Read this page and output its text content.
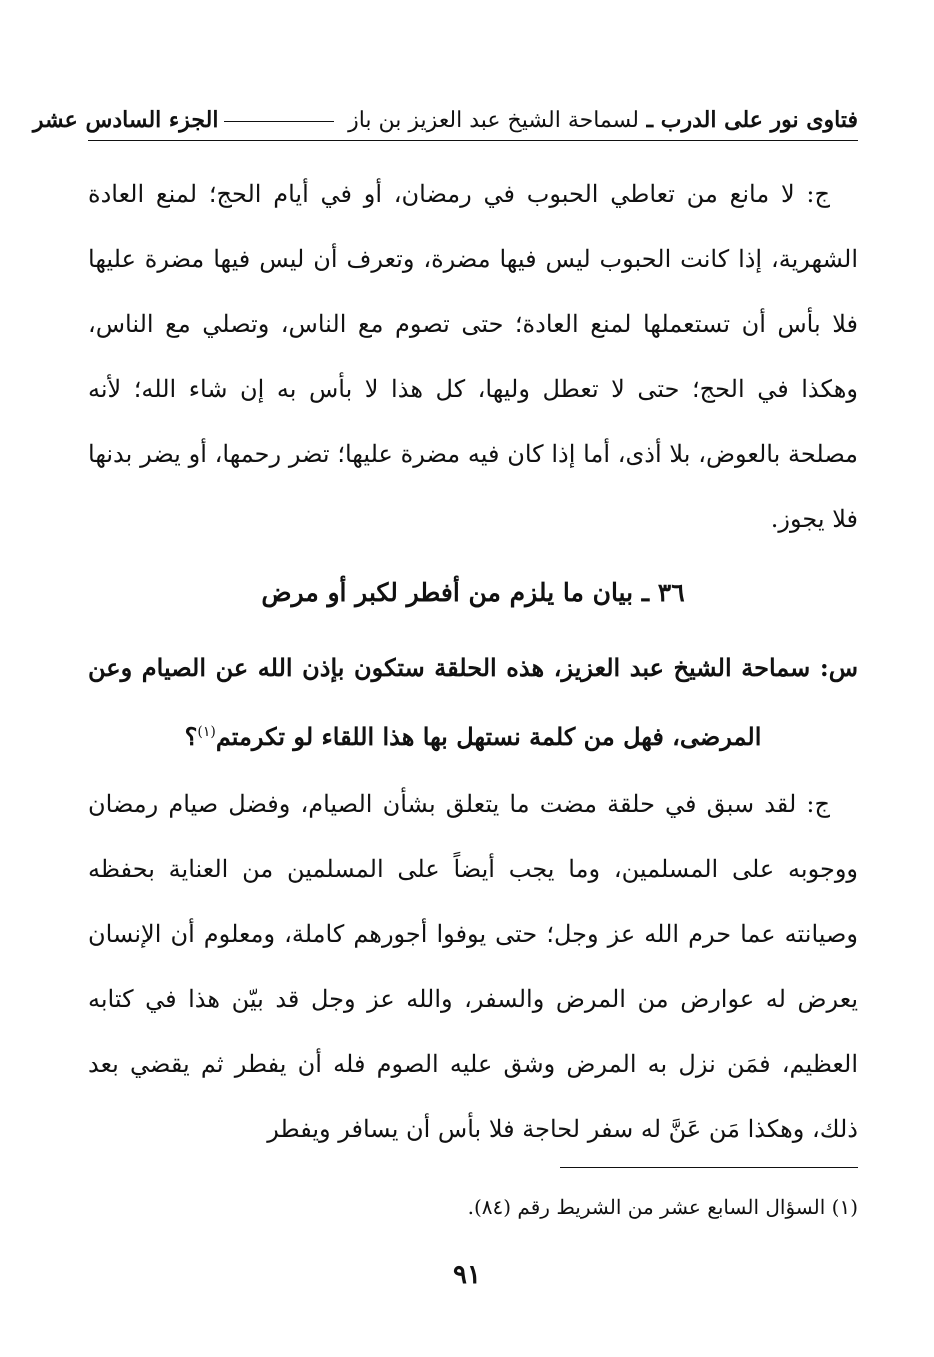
فتاوى نور على الدرب ـ لسماحة الشيخ عبد العزيز بن باز
الجزء السادس عشر

ج: لا مانع من تعاطي الحبوب في رمضان، أو في أيام الحج؛ لمنع العادة الشهرية، إذا كانت الحبوب ليس فيها مضرة، وتعرف أن ليس فيها مضرة عليها فلا بأس أن تستعملها لمنع العادة؛ حتى تصوم مع الناس، وتصلي مع الناس، وهكذا في الحج؛ حتى لا تعطل وليها، كل هذا لا بأس به إن شاء الله؛ لأنه مصلحة بالعوض، بلا أذى، أما إذا كان فيه مضرة عليها؛ تضر رحمها، أو يضر بدنها فلا يجوز.

٣٦ ـ بيان ما يلزم من أفطر لكبر أو مرض
س: سماحة الشيخ عبد العزيز، هذه الحلقة ستكون بإذن الله عن الصيام وعن المرضى، فهل من كلمة نستهل بها هذا اللقاء لو تكرمتم$^{(١)}$؟

ج: لقد سبق في حلقة مضت ما يتعلق بشأن الصيام، وفضل صيام رمضان ووجوبه على المسلمين، وما يجب أيضاً على المسلمين من العناية بحفظه وصيانته عما حرم الله عز وجل؛ حتى يوفوا أجورهم كاملة، ومعلوم أن الإنسان يعرض له عوارض من المرض والسفر، والله عز وجل قد بيّن هذا في كتابه العظيم، فمَن نزل به المرض وشق عليه الصوم فله أن يفطر ثم يقضي بعد ذلك، وهكذا مَن عَنَّ له سفر لحاجة فلا بأس أن يسافر ويفطر

(١) السؤال السابع عشر من الشريط رقم (٨٤).
٩١
